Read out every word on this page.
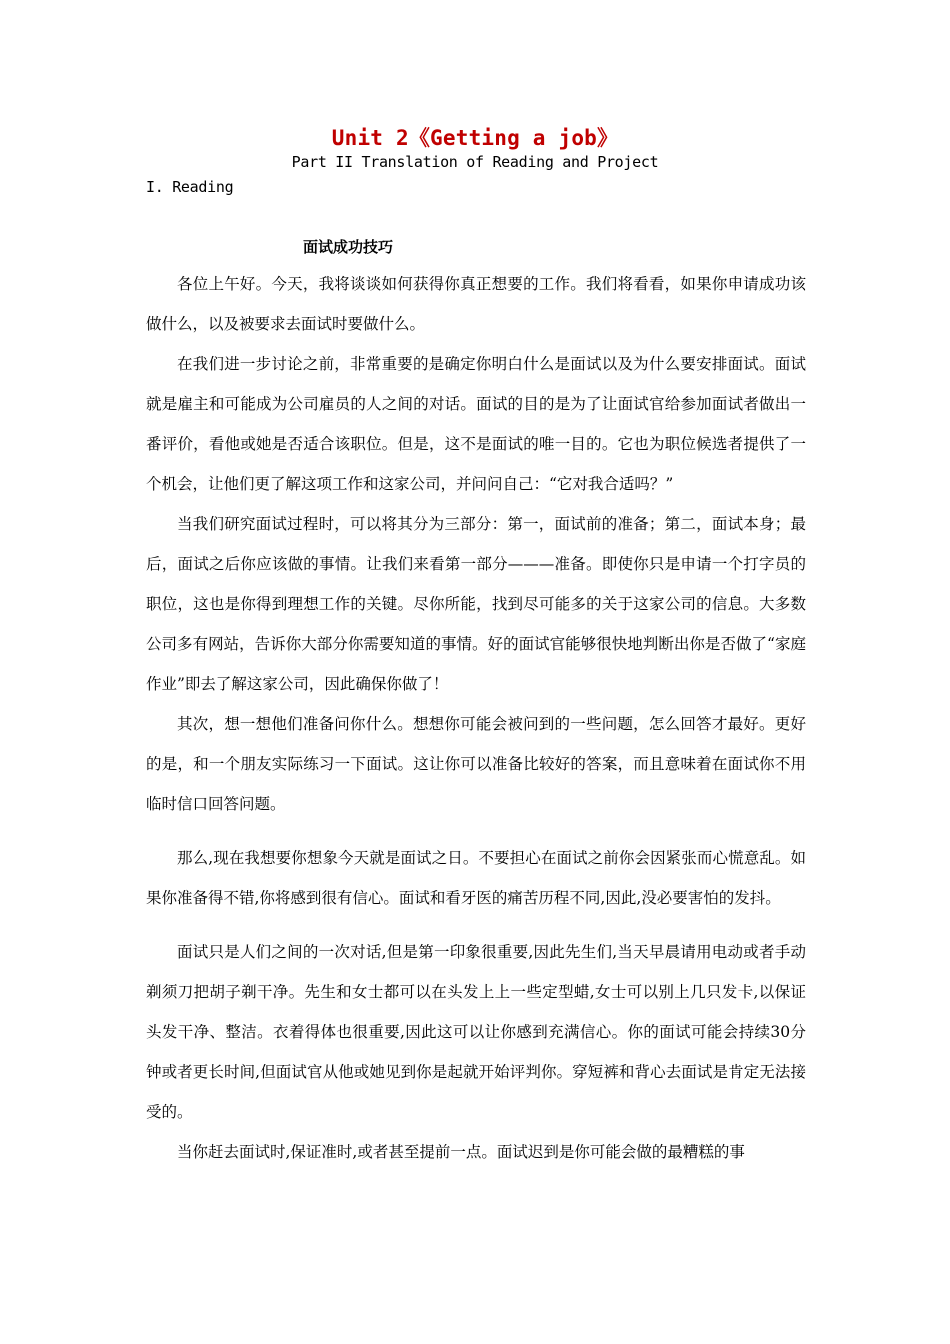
Unit 2《Getting a job》
Part II Translation of Reading and Project
I. Reading
面试成功技巧

各位上午好。今天，我将谈谈如何获得你真正想要的工作。我们将看看，如果你申请成功该做什么，以及被要求去面试时要做什么。

在我们进一步讨论之前，非常重要的是确定你明白什么是面试以及为什么要安排面试。面试就是雇主和可能成为公司雇员的人之间的对话。面试的目的是为了让面试官给参加面试者做出一番评价，看他或她是否适合该职位。但是，这不是面试的唯一目的。它也为职位候选者提供了一个机会，让他们更了解这项工作和这家公司，并问问自己：“它对我合适吗？”

当我们研究面试过程时，可以将其分为三部分：第一，面试前的准备；第二，面试本身；最后，面试之后你应该做的事情。让我们来看第一部分———准备。即使你只是申请一个打字员的职位，这也是你得到理想工作的关键。尽你所能，找到尽可能多的关于这家公司的信息。大多数公司多有网站，告诉你大部分你需要知道的事情。好的面试官能够很快地判断出你是否做了“家庭作业”即去了解这家公司，因此确保你做了！

其次，想一想他们准备问你什么。想想你可能会被问到的一些问题，怎么回答才最好。更好的是，和一个朋友实际练习一下面试。这让你可以准备比较好的答案，而且意味着在面试你不用临时信口回答问题。

那么,现在我想要你想象今天就是面试之日。不要担心在面试之前你会因紧张而心慌意乱。如果你准备得不错,你将感到很有信心。面试和看牙医的痛苦历程不同,因此,没必要害怕的发抖。

面试只是人们之间的一次对话,但是第一印象很重要,因此先生们,当天早晨请用电动或者手动剃须刀把胡子剃干净。先生和女士都可以在头发上上一些定型蜡,女士可以别上几只发卡,以保证头发干净、整洁。衣着得体也很重要,因此这可以让你感到充满信心。你的面试可能会持续30分钟或者更长时间,但面试官从他或她见到你是起就开始评判你。穿短裤和背心去面试是肯定无法接受的。

当你赶去面试时,保证准时,或者甚至提前一点。面试迟到是你可能会做的最糟糕的事
